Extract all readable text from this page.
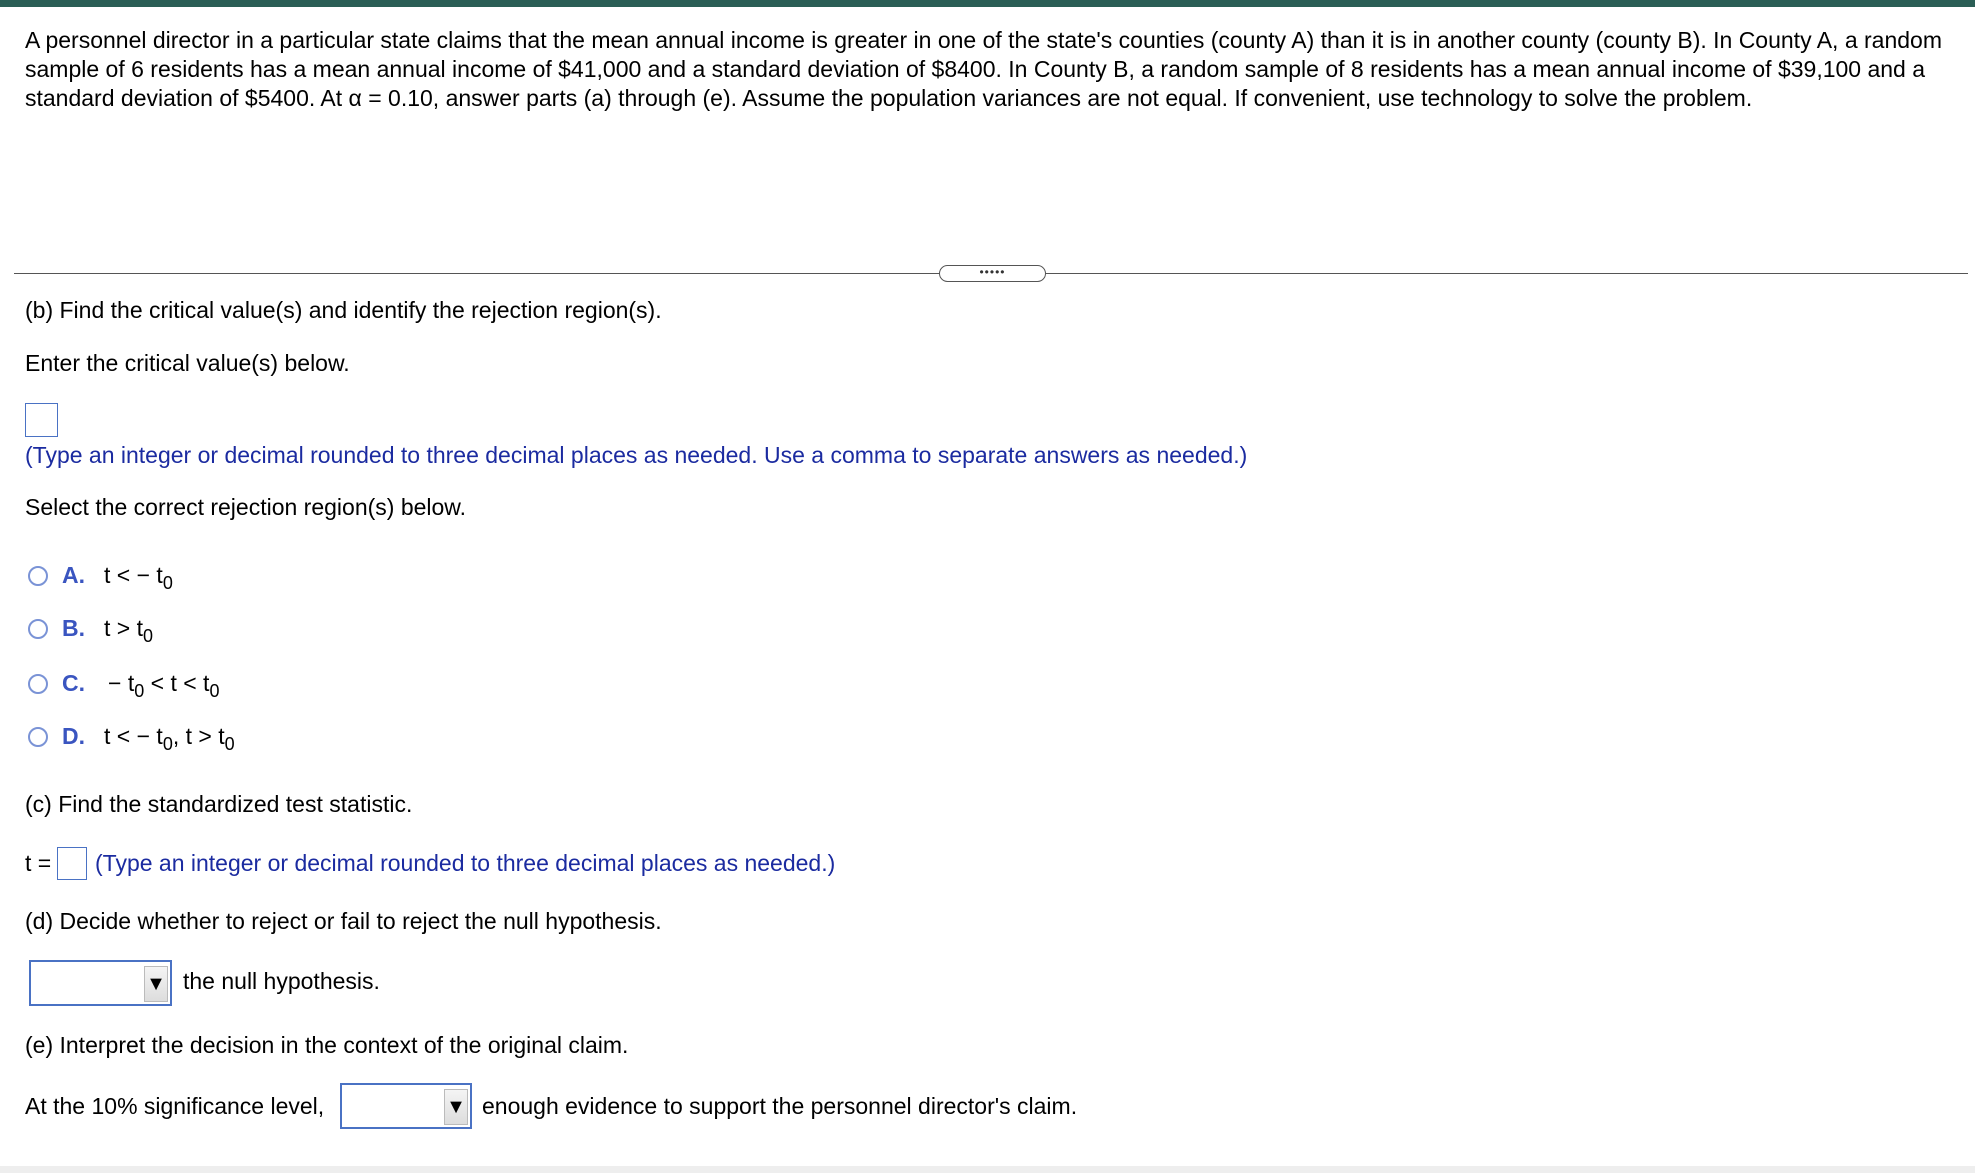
A personnel director in a particular state claims that the mean annual income is greater in one of the state's counties (county A) than it is in another county (county B). In County A, a random sample of 6 residents has a mean annual income of $41,000 and a standard deviation of $8400. In County B, a random sample of 8 residents has a mean annual income of $39,100 and a standard deviation of $5400. At α = 0.10, answer parts (a) through (e). Assume the population variances are not equal. If convenient, use technology to solve the problem.
•••••
(b) Find the critical value(s) and identify the rejection region(s).
Enter the critical value(s) below.
(Type an integer or decimal rounded to three decimal places as needed. Use a comma to separate answers as needed.)
Select the correct rejection region(s) below.
A. t < − $t_0$
B. $t > t_0$
C. − $t_0 < t < t_0$
D. t < − $t_0$, $t > t_0$
(c) Find the standardized test statistic.
t = (Type an integer or decimal rounded to three decimal places as needed.)
(d) Decide whether to reject or fail to reject the null hypothesis.
▼ the null hypothesis.
(e) Interpret the decision in the context of the original claim.
At the 10% significance level,	▼ enough evidence to support the personnel director's claim.
